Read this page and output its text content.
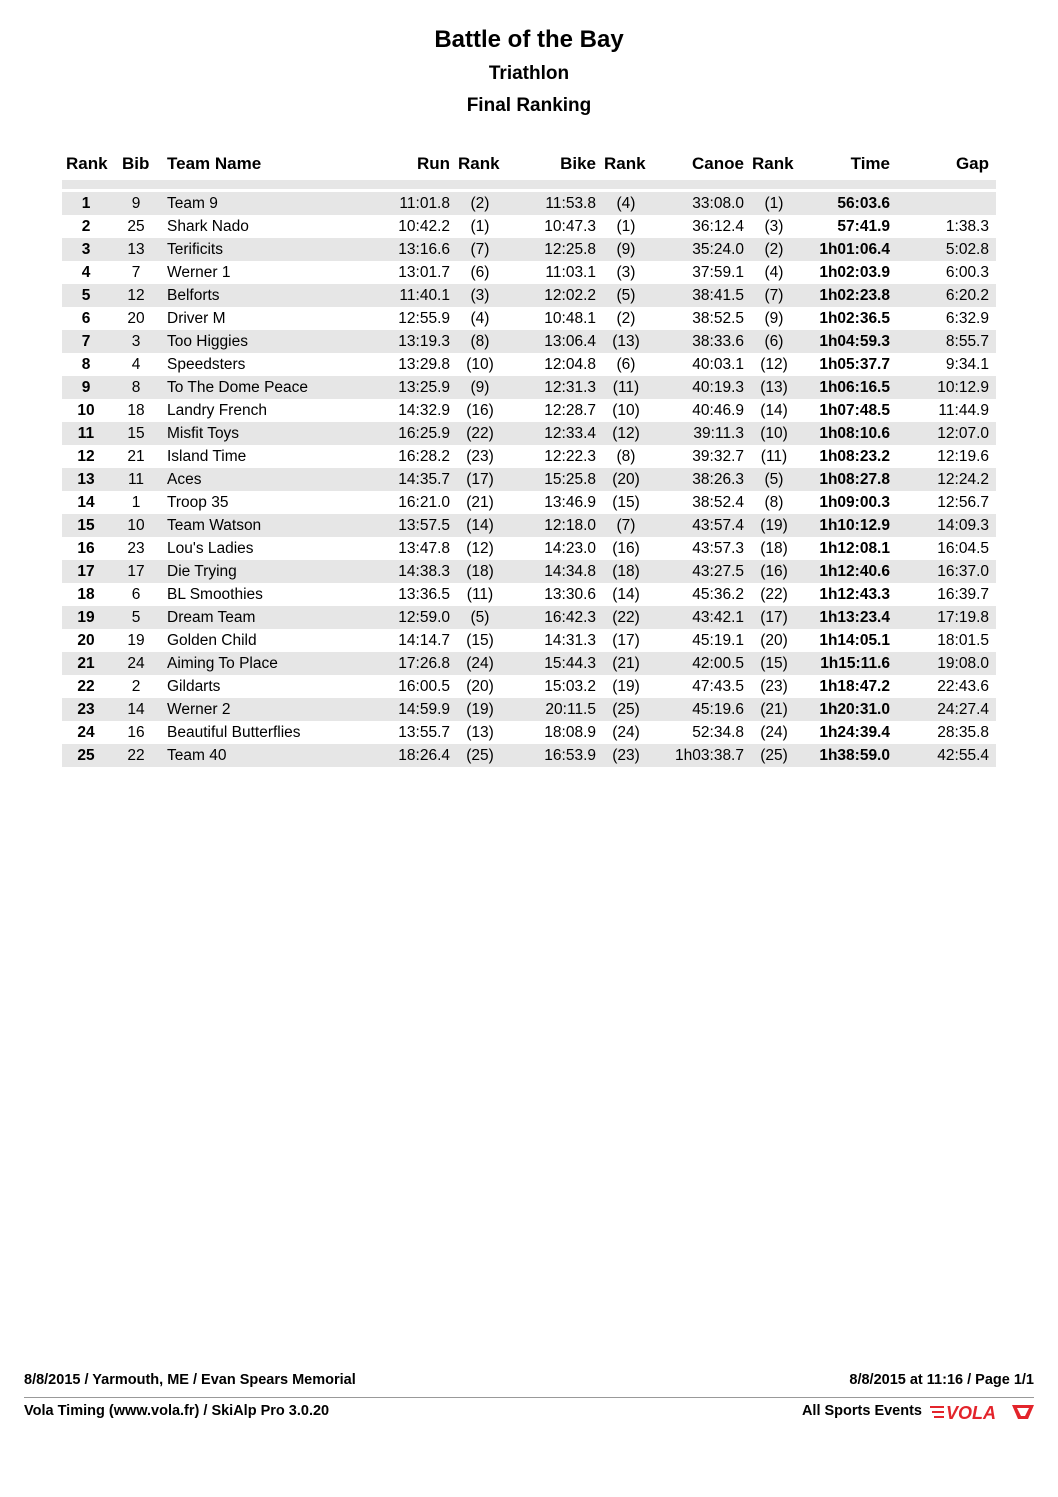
Battle of the Bay
Triathlon
Final Ranking
Rank Bib Team Name	Run Rank	Bike Rank	Canoe Rank	Time	Gap
1	9	Team 9	11:01.8	(2)	11:53.8	(4)	33:08.0	(1)	56:03.6
2	25	Shark Nado	10:42.2	(1)	10:47.3	(1)	36:12.4	(3)	57:41.9	1:38.3
3	13	Terificits	13:16.6	(7)	12:25.8	(9)	35:24.0	(2)	1h01:06.4	5:02.8
4	7	Werner 1	13:01.7	(6)	11:03.1	(3)	37:59.1	(4)	1h02:03.9	6:00.3
5	12	Belforts	11:40.1	(3)	12:02.2	(5)	38:41.5	(7)	1h02:23.8	6:20.2
6	20	Driver M	12:55.9	(4)	10:48.1	(2)	38:52.5	(9)	1h02:36.5	6:32.9
7	3	Too Higgies	13:19.3	(8)	13:06.4 (13)	38:33.6	(6)	1h04:59.3	8:55.7
8	4	Speedsters	13:29.8 (10)	12:04.8	(6)	40:03.1 (12)	1h05:37.7	9:34.1
9	8	To The Dome Peace	13:25.9	(9)	12:31.3	(11)	40:19.3 (13)	1h06:16.5	10:12.9
10	18	Landry French	14:32.9 (16)	12:28.7 (10)	40:46.9 (14)	1h07:48.5	11:44.9
11	15	Misfit Toys	16:25.9 (22)	12:33.4 (12)	39:11.3 (10)	1h08:10.6	12:07.0
12	21	Island Time	16:28.2 (23)	12:22.3	(8)	39:32.7	(11)	1h08:23.2	12:19.6
13	11	Aces	14:35.7 (17)	15:25.8 (20)	38:26.3	(5)	1h08:27.8	12:24.2
14	1	Troop 35	16:21.0 (21)	13:46.9 (15)	38:52.4	(8)	1h09:00.3	12:56.7
15	10	Team Watson	13:57.5 (14)	12:18.0	(7)	43:57.4 (19)	1h10:12.9	14:09.3
16	23	Lou's Ladies	13:47.8 (12)	14:23.0 (16)	43:57.3 (18)	1h12:08.1	16:04.5
17	17	Die Trying	14:38.3 (18)	14:34.8 (18)	43:27.5 (16)	1h12:40.6	16:37.0
18	6	BL Smoothies	13:36.5	(11)	13:30.6 (14)	45:36.2 (22)	1h12:43.3	16:39.7
19	5	Dream Team	12:59.0	(5)	16:42.3 (22)	43:42.1 (17)	1h13:23.4	17:19.8
20	19	Golden Child	14:14.7 (15)	14:31.3 (17)	45:19.1 (20)	1h14:05.1	18:01.5
21	24	Aiming To Place	17:26.8 (24)	15:44.3 (21)	42:00.5 (15)	1h15:11.6	19:08.0
22	2	Gildarts	16:00.5 (20)	15:03.2 (19)	47:43.5 (23)	1h18:47.2	22:43.6
23	14	Werner 2	14:59.9 (19)	20:11.5 (25)	45:19.6 (21)	1h20:31.0	24:27.4
24	16	Beautiful Butterflies	13:55.7 (13)	18:08.9 (24)	52:34.8 (24)	1h24:39.4	28:35.8
25	22	Team 40	18:26.4 (25)	16:53.9 (23)	1h03:38.7 (25)	1h38:59.0	42:55.4
8/8/2015 / Yarmouth, ME / Evan Spears Memorial	8/8/2015 at 11:16 / Page 1/1
Vola Timing (www.vola.fr) / SkiAlp Pro 3.0.20	All Sports Events VOLA
